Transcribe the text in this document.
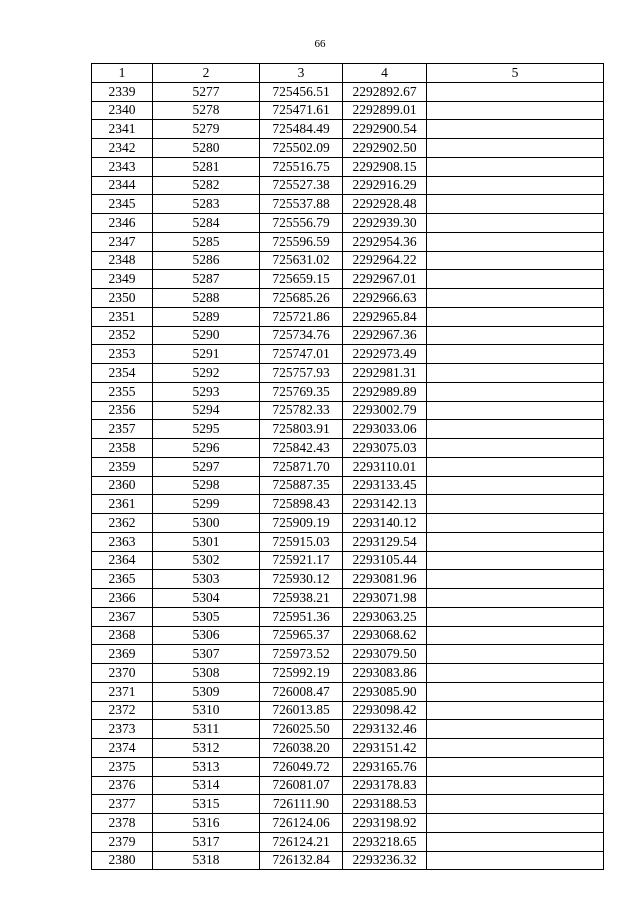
66
1	2	3	4	5
2339	5277	725456.51	2292892.67	
2340	5278	725471.61	2292899.01	
2341	5279	725484.49	2292900.54	
2342	5280	725502.09	2292902.50	
2343	5281	725516.75	2292908.15	
2344	5282	725527.38	2292916.29	
2345	5283	725537.88	2292928.48	
2346	5284	725556.79	2292939.30	
2347	5285	725596.59	2292954.36	
2348	5286	725631.02	2292964.22	
2349	5287	725659.15	2292967.01	
2350	5288	725685.26	2292966.63	
2351	5289	725721.86	2292965.84	
2352	5290	725734.76	2292967.36	
2353	5291	725747.01	2292973.49	
2354	5292	725757.93	2292981.31	
2355	5293	725769.35	2292989.89	
2356	5294	725782.33	2293002.79	
2357	5295	725803.91	2293033.06	
2358	5296	725842.43	2293075.03	
2359	5297	725871.70	2293110.01	
2360	5298	725887.35	2293133.45	
2361	5299	725898.43	2293142.13	
2362	5300	725909.19	2293140.12	
2363	5301	725915.03	2293129.54	
2364	5302	725921.17	2293105.44	
2365	5303	725930.12	2293081.96	
2366	5304	725938.21	2293071.98	
2367	5305	725951.36	2293063.25	
2368	5306	725965.37	2293068.62	
2369	5307	725973.52	2293079.50	
2370	5308	725992.19	2293083.86	
2371	5309	726008.47	2293085.90	
2372	5310	726013.85	2293098.42	
2373	5311	726025.50	2293132.46	
2374	5312	726038.20	2293151.42	
2375	5313	726049.72	2293165.76	
2376	5314	726081.07	2293178.83	
2377	5315	726111.90	2293188.53	
2378	5316	726124.06	2293198.92	
2379	5317	726124.21	2293218.65	
2380	5318	726132.84	2293236.32	
